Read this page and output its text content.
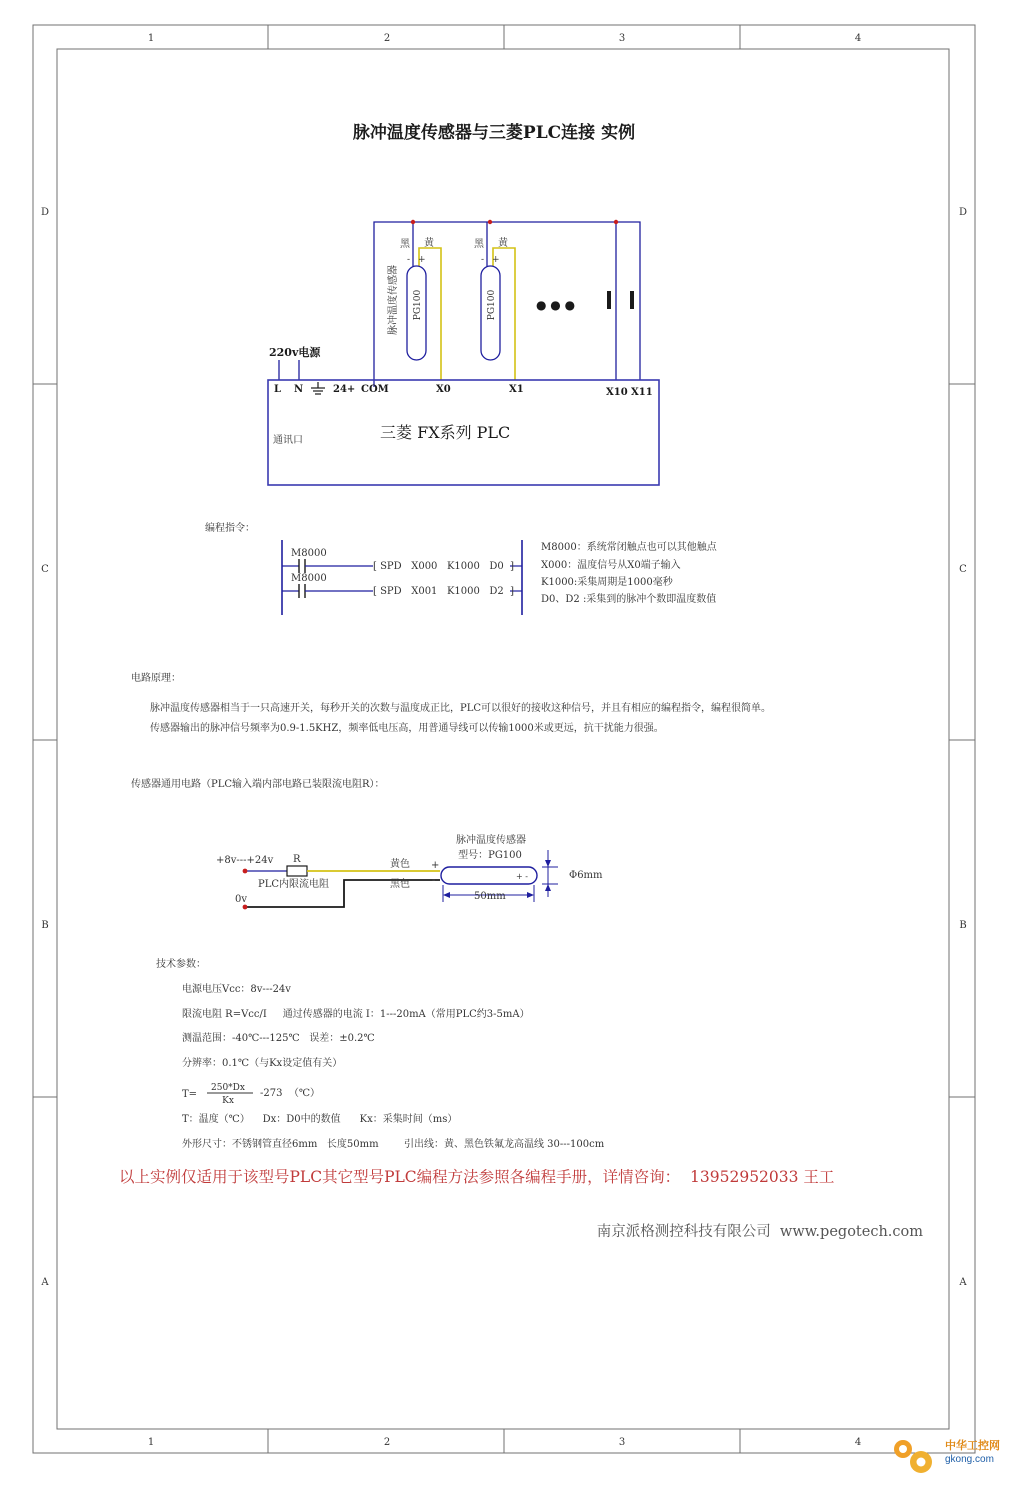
1	2	3	4
1	2	3	4
D
C
B
A
D
C
B
A
脉冲温度传感器与三菱PLC连接 实例
220v电源
L N	24+ COM	X0	X1	X10 X11
脉冲温度传感器
黑 黄
- +
PG100
黑 黄
- +
PG100	● ● ●
三菱 FX系列 PLC
通讯口
编程指令：
M8000
[ SPD   X000   K1000   D0  ]
M8000
[ SPD   X001   K1000   D2  ]
M8000：系统常闭触点也可以其他触点
X000：温度信号从X0端子输入
K1000:采集周期是1000毫秒
D0、D2 :采集到的脉冲个数即温度数值
电路原理：
脉冲温度传感器相当于一只高速开关，每秒开关的次数与温度成正比，PLC可以很好的接收这种信号，并且有相应的编程指令，编程很简单。
传感器输出的脉冲信号频率为0.9-1.5KHZ，频率低电压高，用普通导线可以传输1000米或更远，抗干扰能力很强。
传感器通用电路（PLC输入端内部电路已装限流电阻R）：
+8v---+24v R
PLC内限流电阻
0v
黄色
黑色
+
-
脉冲温度传感器
型号：PG100
+ -
50mm
Φ6mm
技术参数：
电源电压Vcc：8v---24v
限流电阻 R=Vcc/I     通过传感器的电流 I：1---20mA（常用PLC约3-5mA）
测温范围：-40℃---125℃   误差：±0.2℃
分辨率：0.1℃（与Kx设定值有关）
T=
250*Dx
Kx
-273  （℃）
T：温度（℃）    Dx：D0中的数值      Kx：采集时间（ms）
外形尺寸：不锈钢管直径6mm   长度50mm        引出线：黄、黑色铁氟龙高温线 30---100cm
以上实例仅适用于该型号PLC其它型号PLC编程方法参照各编程手册，详情咨询：  13952952033 王工
南京派格测控科技有限公司  www.pegotech.com
中华工控网
gkong.com
